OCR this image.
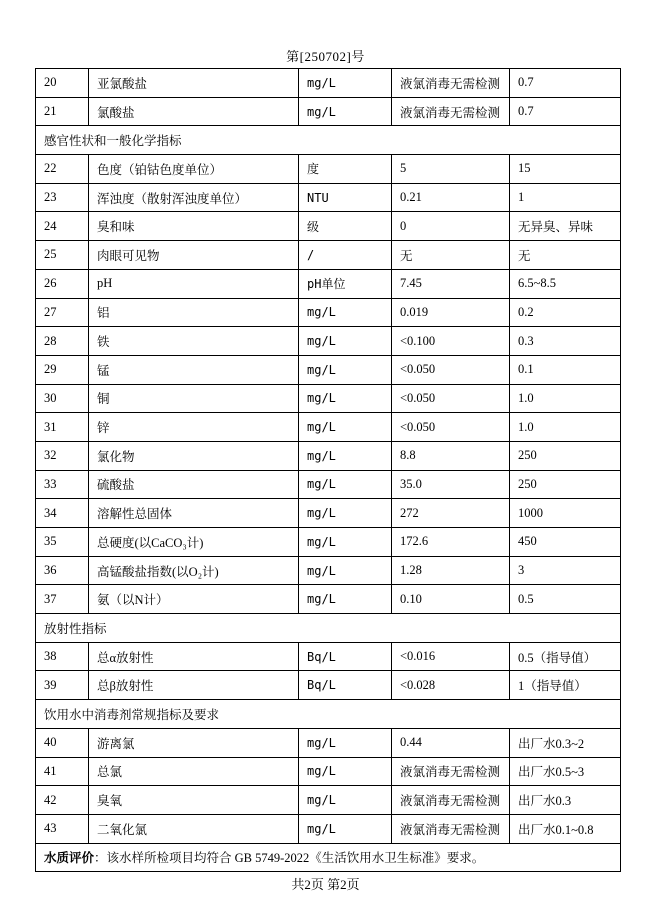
第[250702]号
20	亚氯酸盐	mg/L	液氯消毒无需检测	0.7
21	氯酸盐	mg/L	液氯消毒无需检测	0.7
感官性状和一般化学指标				
22	色度（铂钴色度单位）	度	5	15
23	浑浊度（散射浑浊度单位）	NTU	0.21	1
24	臭和味	级	0	无异臭、异味
25	肉眼可见物	/	无	无
26	pH	pH单位	7.45	6.5~8.5
27	铝	mg/L	0.019	0.2
28	铁	mg/L	<0.100	0.3
29	锰	mg/L	<0.050	0.1
30	铜	mg/L	<0.050	1.0
31	锌	mg/L	<0.050	1.0
32	氯化物	mg/L	8.8	250
33	硫酸盐	mg/L	35.0	250
34	溶解性总固体	mg/L	272	1000
35	总硬度(以CaCO₃计)	mg/L	172.6	450
36	高锰酸盐指数(以O₂计)	mg/L	1.28	3
37	氨（以N计）	mg/L	0.10	0.5
放射性指标				
38	总α放射性	Bq/L	<0.016	0.5（指导值）
39	总β放射性	Bq/L	<0.028	1（指导值）
饮用水中消毒剂常规指标及要求				
40	游离氯	mg/L	0.44	出厂水0.3~2
41	总氯	mg/L	液氯消毒无需检测	出厂水0.5~3
42	臭氧	mg/L	液氯消毒无需检测	出厂水0.3
43	二氧化氯	mg/L	液氯消毒无需检测	出厂水0.1~0.8
水质评价：该水样所检项目均符合 GB 5749-2022《生活饮用水卫生标准》要求。				
共2页 第2页
